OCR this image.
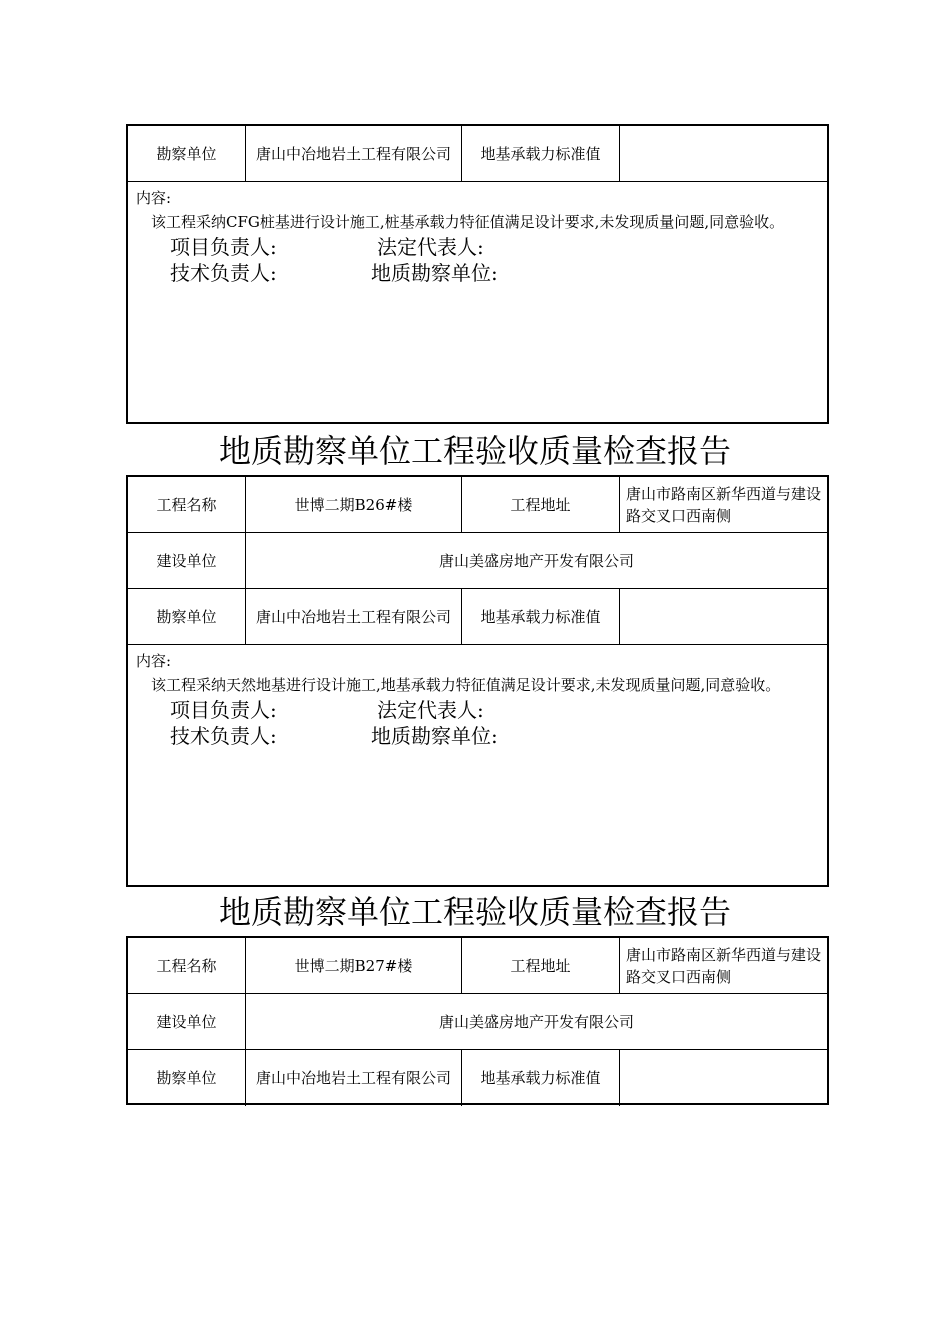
勘察单位	唐山中冶地岩土工程有限公司	地基承载力标准值
内容:
该工程采纳CFG桩基进行设计施工,桩基承载力特征值满足设计要求,未发现质量问题,同意验收。
项目负责人:	法定代表人:
技术负责人:	地质勘察单位:
地质勘察单位工程验收质量检查报告
工程名称	世博二期B26#楼	工程地址
唐山市路南区新华西道与建设路交叉口西南侧
建设单位	唐山美盛房地产开发有限公司
勘察单位	唐山中冶地岩土工程有限公司	地基承载力标准值
内容:
该工程采纳天然地基进行设计施工,地基承载力特征值满足设计要求,未发现质量问题,同意验收。
项目负责人:	法定代表人:
技术负责人:	地质勘察单位:
地质勘察单位工程验收质量检查报告
工程名称	世博二期B27#楼	工程地址
唐山市路南区新华西道与建设路交叉口西南侧
建设单位	唐山美盛房地产开发有限公司
勘察单位	唐山中冶地岩土工程有限公司	地基承载力标准值
